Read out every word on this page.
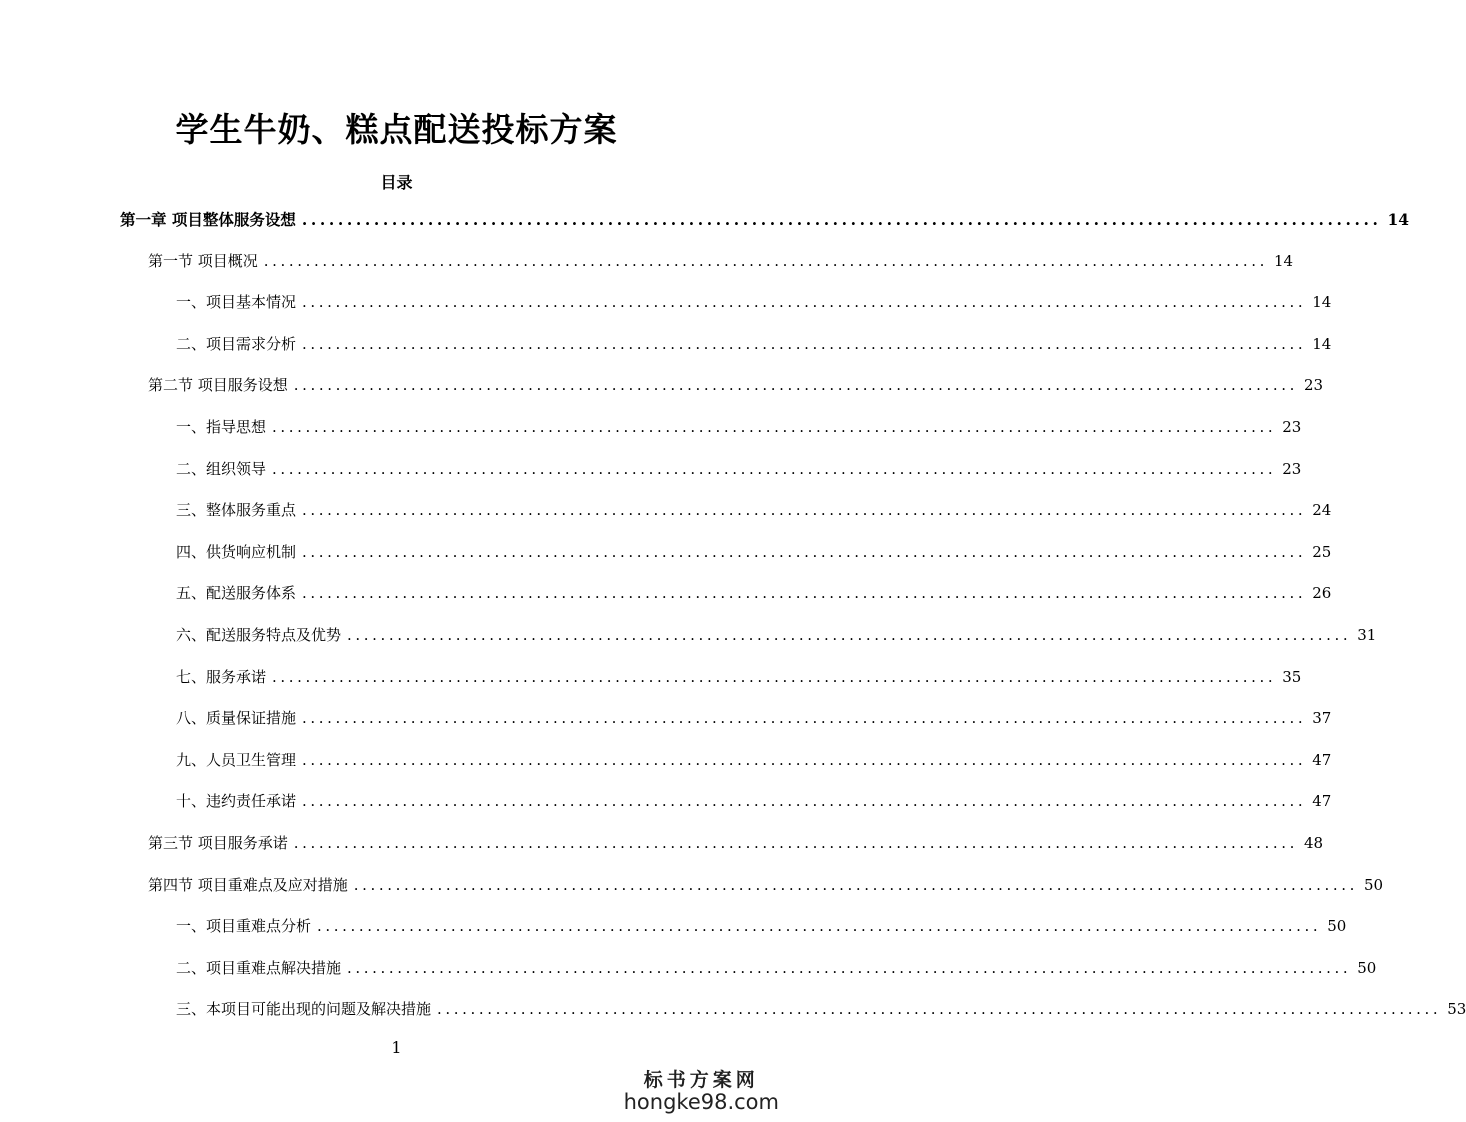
学生牛奶、糕点配送投标方案
目录
第一章 项目整体服务设想 ........................................................................................................................ 14
第一节 项目概况 ........................................................................................................................ 14
一、项目基本情况 ........................................................................................................................ 14
二、项目需求分析 ........................................................................................................................ 14
第二节 项目服务设想 ........................................................................................................................ 23
一、指导思想 ........................................................................................................................ 23
二、组织领导 ........................................................................................................................ 23
三、整体服务重点 ........................................................................................................................ 24
四、供货响应机制 ........................................................................................................................ 25
五、配送服务体系 ........................................................................................................................ 26
六、配送服务特点及优势 ........................................................................................................................ 31
七、服务承诺 ........................................................................................................................ 35
八、质量保证措施 ........................................................................................................................ 37
九、人员卫生管理 ........................................................................................................................ 47
十、违约责任承诺 ........................................................................................................................ 47
第三节 项目服务承诺 ........................................................................................................................ 48
第四节 项目重难点及应对措施 ........................................................................................................................ 50
一、项目重难点分析 ........................................................................................................................ 50
二、项目重难点解决措施 ........................................................................................................................ 50
三、本项目可能出现的问题及解决措施 ........................................................................................................................ 53
1
标书方案网
hongke98.com
